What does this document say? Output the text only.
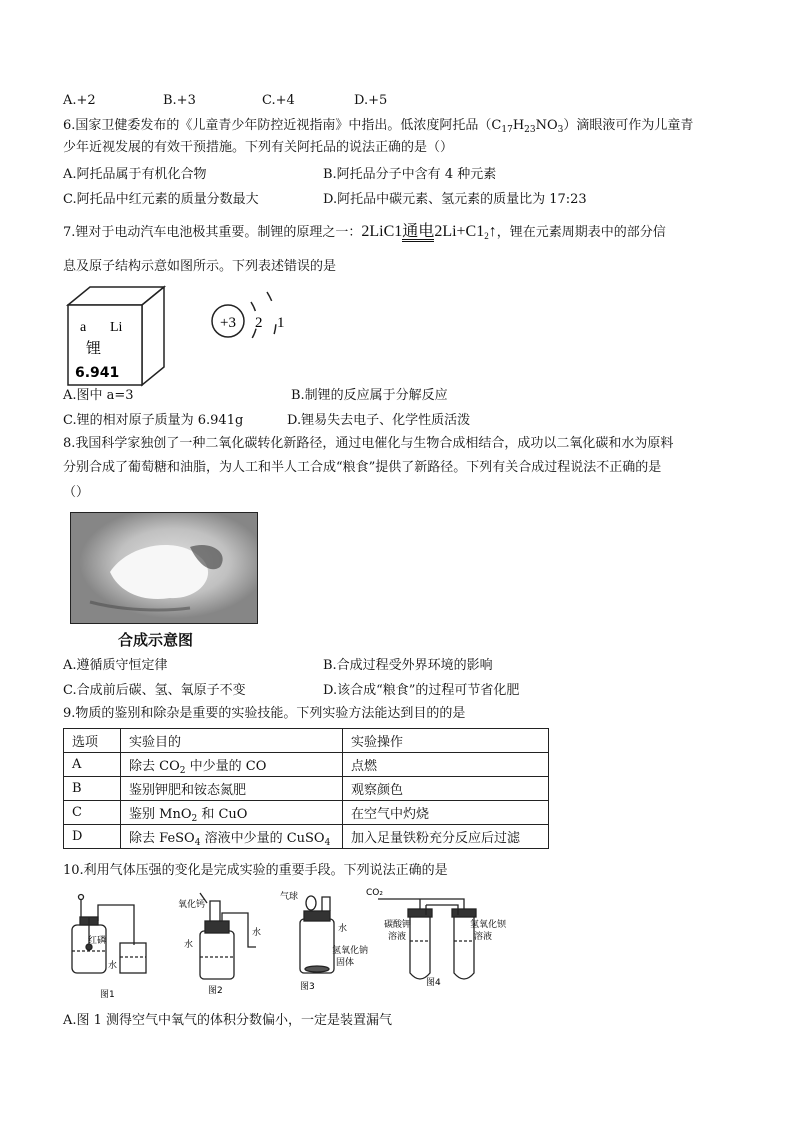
A.+2	B.+3	C.+4	D.+5
6.国家卫健委发布的《儿童青少年防控近视指南》中指出。低浓度阿托品$(C_{17}H_{23}NO_3)$滴眼液可作为儿童青
少年近视发展的有效干预措施。下列有关阿托品的说法正确的是（）
A.阿托品属于有机化合物	B.阿托品分子中含有 4 种元素
C.阿托品中红元素的质量分数最大	D.阿托品中碳元素、氢元素的质量比为 17:23
7.锂对于电动汽车电池极其重要。制锂的原理之一：2LiC1通电$2Li+C1_2↑$，锂在元素周期表中的部分信
息及原子结构示意如图所示。下列表述错误的是
a Li
锂
6.941
+3 2 1
A.图中 a=3	B.制锂的反应属于分解反应
C.锂的相对原子质量为 6.941g	D.锂易失去电子、化学性质活泼
8.我国科学家独创了一种二氧化碳转化新路径，通过电催化与生物合成相结合，成功以二氧化碳和水为原料
分别合成了葡萄糖和油脂，为人工和半人工合成“粮食”提供了新路径。下列有关合成过程说法不正确的是
（）
合成示意图
A.遵循质守恒定律	B.合成过程受外界环境的影响
C.合成前后碳、氢、氧原子不变	D.该合成“粮食”的过程可节省化肥
9.物质的鉴别和除杂是重要的实验技能。下列实验方法能达到目的的是
选项	实验目的	实验操作
A	除去 $CO_2$ 中少量的 CO	点燃
B	鉴别钾肥和铵态氮肥	观察颜色
C	鉴别 MnO$_2$ 和 CuO	在空气中灼烧
D	除去 FeSO$_4$ 溶液中少量的 CuSO$_4$	加入足量铁粉充分反应后过滤
10.利用气体压强的变化是完成实验的重要手段。下列说法正确的是
红磷
水
图1
氧化钙
水
水
图2
气球
水
氢氧化钠
固体
图3
CO₂
碳酸钾
溶液
氢氧化钡
溶液
图4
A.图 1 测得空气中氧气的体积分数偏小，一定是装置漏气
